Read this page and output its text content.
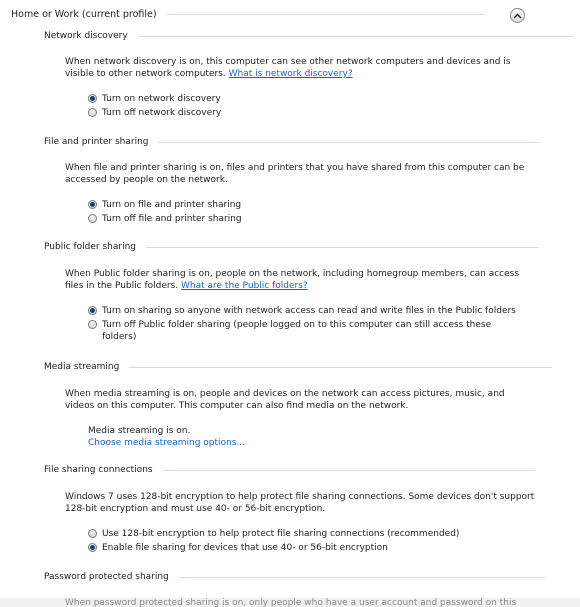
Home or Work (current profile)
Network discovery
When network discovery is on, this computer can see other network computers and devices and is visible to other network computers. What is network discovery?
Turn on network discovery
Turn off network discovery
File and printer sharing
When file and printer sharing is on, files and printers that you have shared from this computer can be accessed by people on the network.
Turn on file and printer sharing
Turn off file and printer sharing
Public folder sharing
When Public folder sharing is on, people on the network, including homegroup members, can access files in the Public folders. What are the Public folders?
Turn on sharing so anyone with network access can read and write files in the Public folders
Turn off Public folder sharing (people logged on to this computer can still access these folders)
Media streaming
When media streaming is on, people and devices on the network can access pictures, music, and videos on this computer. This computer can also find media on the network.
Media streaming is on.
Choose media streaming options...
File sharing connections
Windows 7 uses 128-bit encryption to help protect file sharing connections. Some devices don't support 128-bit encryption and must use 40- or 56-bit encryption.
Use 128-bit encryption to help protect file sharing connections (recommended)
Enable file sharing for devices that use 40- or 56-bit encryption
Password protected sharing
When password protected sharing is on, only people who have a user account and password on this
